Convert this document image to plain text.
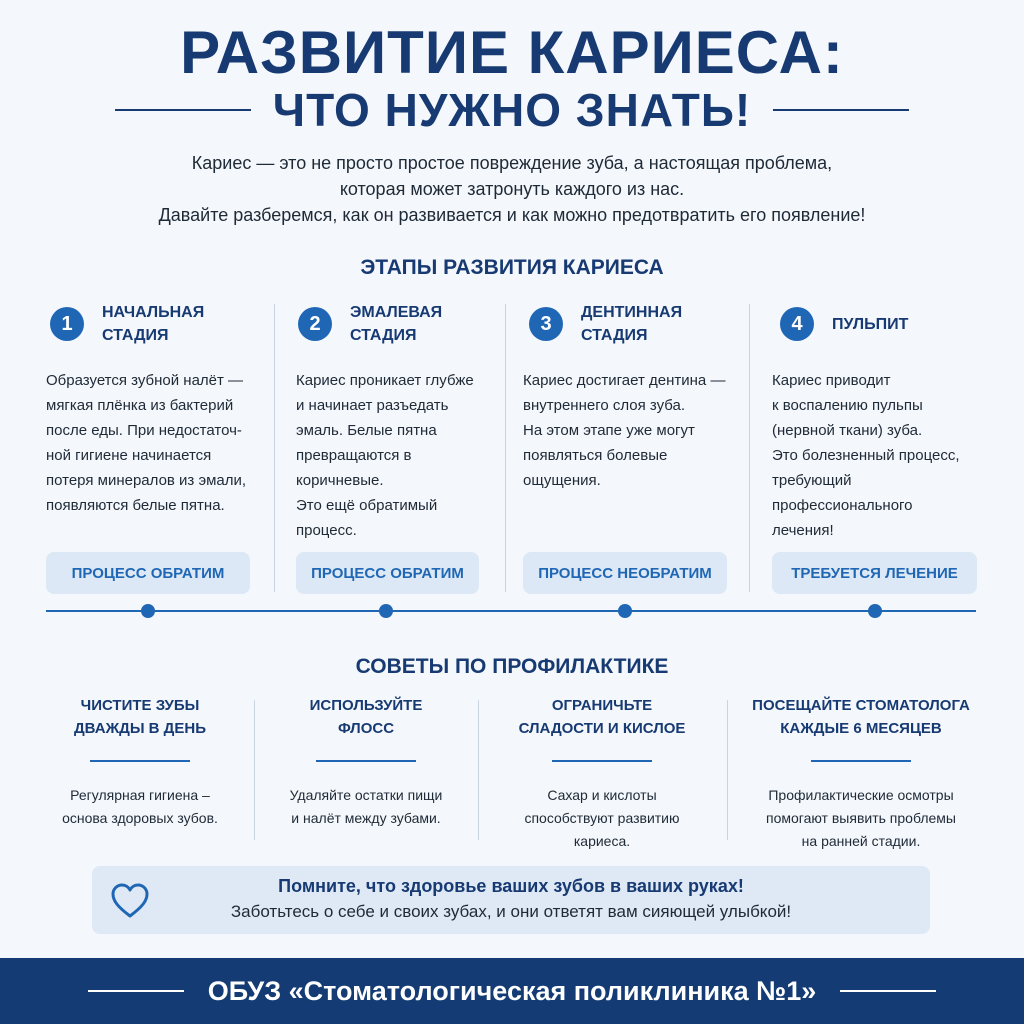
РАЗВИТИЕ КАРИЕСА:
ЧТО НУЖНО ЗНАТЬ!
Кариес — это не просто простое повреждение зуба, а настоящая проблема,
которая может затронуть каждого из нас.
Давайте разберемся, как он развивается и как можно предотвратить его появление!
ЭТАПЫ РАЗВИТИЯ КАРИЕСА
1	НАЧАЛЬНАЯ
СТАДИЯ
Образуется зубной налёт —
мягкая плёнка из бактерий
после еды. При недостаточ-
ной гигиене начинается
потеря минералов из эмали,
появляются белые пятна.
ПРОЦЕСС ОБРАТИМ
2	ЭМАЛЕВАЯ
СТАДИЯ
Кариес проникает глубже
и начинает разъедать
эмаль. Белые пятна
превращаются в
коричневые.
Это ещё обратимый
процесс.
ПРОЦЕСС ОБРАТИМ
3	ДЕНТИННАЯ
СТАДИЯ
Кариес достигает дентина —
внутреннего слоя зуба.
На этом этапе уже могут
появляться болевые
ощущения.
ПРОЦЕСС НЕОБРАТИМ
4	ПУЛЬПИТ
Кариес приводит
к воспалению пульпы
(нервной ткани) зуба.
Это болезненный процесс,
требующий
профессионального
лечения!
ТРЕБУЕТСЯ ЛЕЧЕНИЕ
СОВЕТЫ ПО ПРОФИЛАКТИКЕ
ЧИСТИТЕ ЗУБЫ
ДВАЖДЫ В ДЕНЬ
Регулярная гигиена –
основа здоровых зубов.
ИСПОЛЬЗУЙТЕ
ФЛОСС
Удаляйте остатки пищи
и налёт между зубами.
ОГРАНИЧЬТЕ
СЛАДОСТИ И КИСЛОЕ
Сахар и кислоты
способствуют развитию
кариеса.
ПОСЕЩАЙТЕ СТОМАТОЛОГА
КАЖДЫЕ 6 МЕСЯЦЕВ
Профилактические осмотры
помогают выявить проблемы
на ранней стадии.
Помните, что здоровье ваших зубов в ваших руках!
Заботьтесь о себе и своих зубах, и они ответят вам сияющей улыбкой!
ОБУЗ «Стоматологическая поликлиника №1»
